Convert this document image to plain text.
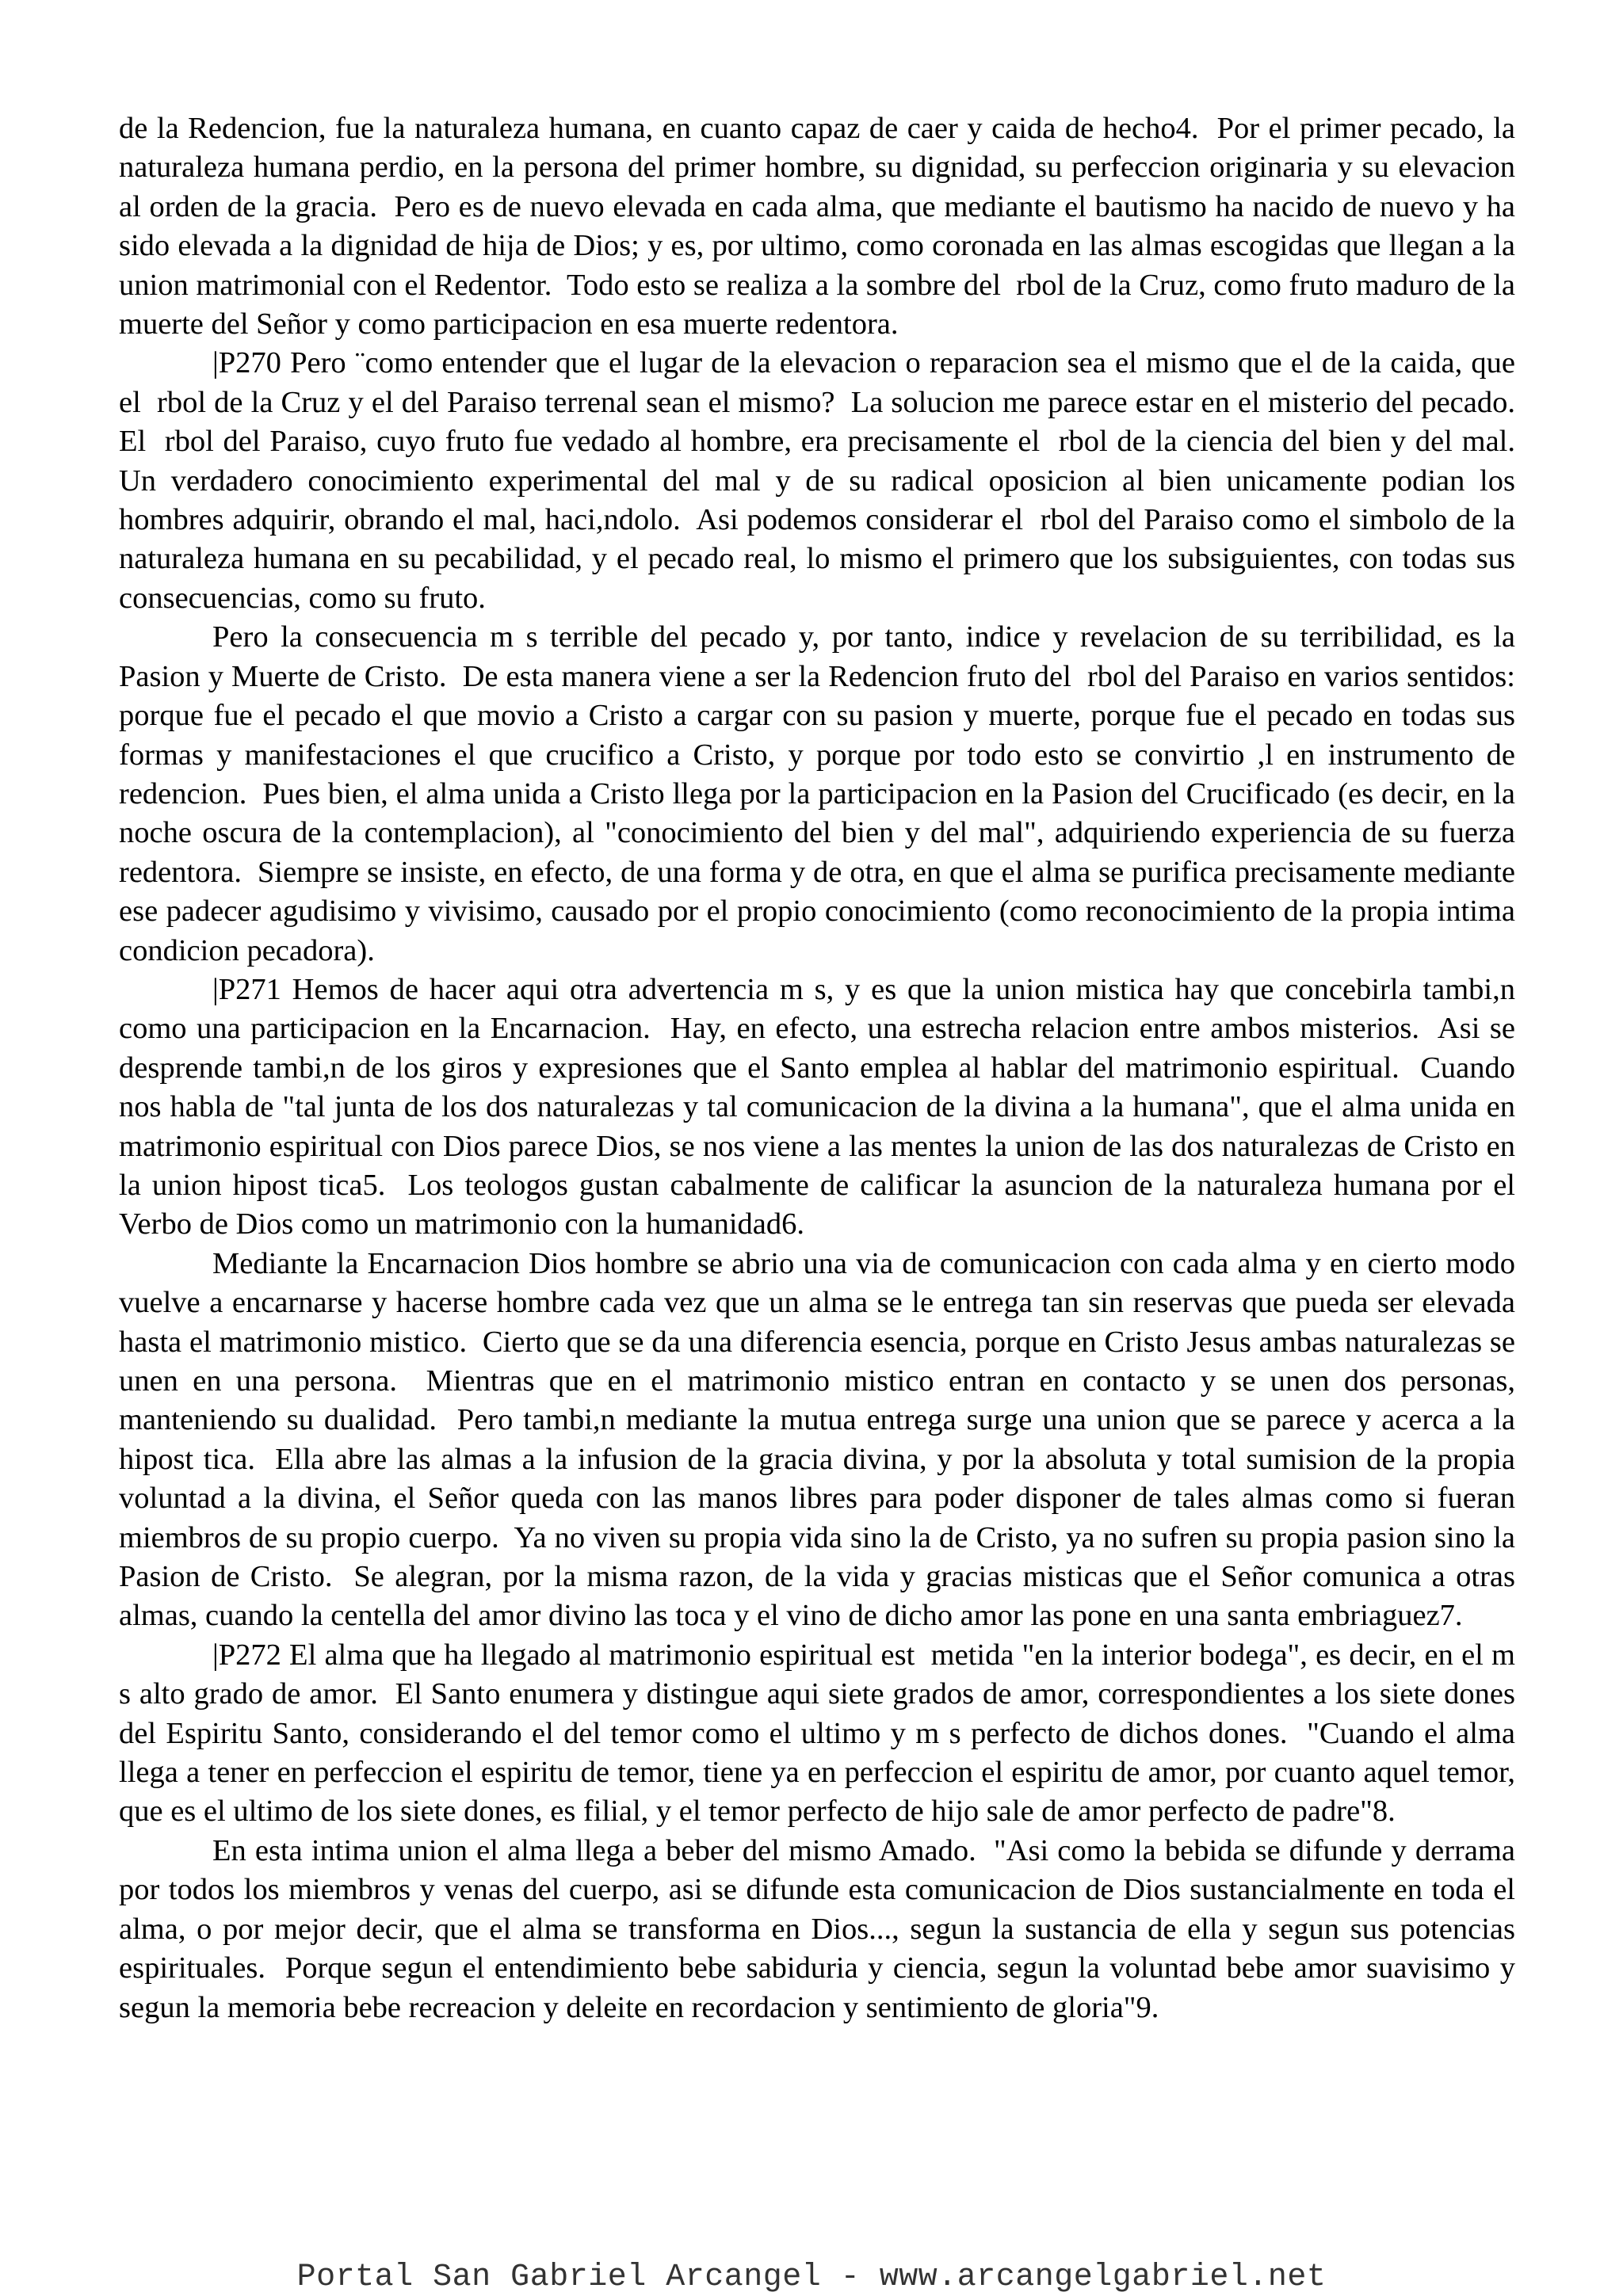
de la Redencion, fue la naturaleza humana, en cuanto capaz de caer y caida de hecho4.  Por el primer pecado, la naturaleza humana perdio, en la persona del primer hombre, su dignidad, su perfeccion originaria y su elevacion al orden de la gracia.  Pero es de nuevo elevada en cada alma, que mediante el bautismo ha nacido de nuevo y ha sido elevada a la dignidad de hija de Dios; y es, por ultimo, como coronada en las almas escogidas que llegan a la union matrimonial con el Redentor.  Todo esto se realiza a la sombre del  rbol de la Cruz, como fruto maduro de la muerte del Señor y como participacion en esa muerte redentora.

|P270 Pero ¨como entender que el lugar de la elevacion o reparacion sea el mismo que el de la caida, que el  rbol de la Cruz y el del Paraiso terrenal sean el mismo?  La solucion me parece estar en el misterio del pecado.  El  rbol del Paraiso, cuyo fruto fue vedado al hombre, era precisamente el  rbol de la ciencia del bien y del mal.  Un verdadero conocimiento experimental del mal y de su radical oposicion al bien unicamente podian los hombres adquirir, obrando el mal, haci,ndolo.  Asi podemos considerar el  rbol del Paraiso como el simbolo de la naturaleza humana en su pecabilidad, y el pecado real, lo mismo el primero que los subsiguientes, con todas sus consecuencias, como su fruto.

Pero la consecuencia m s terrible del pecado y, por tanto, indice y revelacion de su terribilidad, es la Pasion y Muerte de Cristo.  De esta manera viene a ser la Redencion fruto del  rbol del Paraiso en varios sentidos: porque fue el pecado el que movio a Cristo a cargar con su pasion y muerte, porque fue el pecado en todas sus formas y manifestaciones el que crucifico a Cristo, y porque por todo esto se convirtio ,l en instrumento de redencion.  Pues bien, el alma unida a Cristo llega por la participacion en la Pasion del Crucificado (es decir, en la noche oscura de la contemplacion), al "conocimiento del bien y del mal", adquiriendo experiencia de su fuerza redentora.  Siempre se insiste, en efecto, de una forma y de otra, en que el alma se purifica precisamente mediante ese padecer agudisimo y vivisimo, causado por el propio conocimiento (como reconocimiento de la propia intima condicion pecadora).

|P271 Hemos de hacer aqui otra advertencia m s, y es que la union mistica hay que concebirla tambi,n como una participacion en la Encarnacion.  Hay, en efecto, una estrecha relacion entre ambos misterios.  Asi se desprende tambi,n de los giros y expresiones que el Santo emplea al hablar del matrimonio espiritual.  Cuando nos habla de "tal junta de los dos naturalezas y tal comunicacion de la divina a la humana", que el alma unida en matrimonio espiritual con Dios parece Dios, se nos viene a las mentes la union de las dos naturalezas de Cristo en la union hipost tica5.  Los teologos gustan cabalmente de calificar la asuncion de la naturaleza humana por el Verbo de Dios como un matrimonio con la humanidad6.

Mediante la Encarnacion Dios hombre se abrio una via de comunicacion con cada alma y en cierto modo vuelve a encarnarse y hacerse hombre cada vez que un alma se le entrega tan sin reservas que pueda ser elevada hasta el matrimonio mistico.  Cierto que se da una diferencia esencia, porque en Cristo Jesus ambas naturalezas se unen en una persona.  Mientras que en el matrimonio mistico entran en contacto y se unen dos personas, manteniendo su dualidad.  Pero tambi,n mediante la mutua entrega surge una union que se parece y acerca a la hipost tica.  Ella abre las almas a la infusion de la gracia divina, y por la absoluta y total sumision de la propia voluntad a la divina, el Señor queda con las manos libres para poder disponer de tales almas como si fueran miembros de su propio cuerpo.  Ya no viven su propia vida sino la de Cristo, ya no sufren su propia pasion sino la Pasion de Cristo.  Se alegran, por la misma razon, de la vida y gracias misticas que el Señor comunica a otras almas, cuando la centella del amor divino las toca y el vino de dicho amor las pone en una santa embriaguez7.

|P272 El alma que ha llegado al matrimonio espiritual est  metida "en la interior bodega", es decir, en el m s alto grado de amor.  El Santo enumera y distingue aqui siete grados de amor, correspondientes a los siete dones del Espiritu Santo, considerando el del temor como el ultimo y m s perfecto de dichos dones.  "Cuando el alma llega a tener en perfeccion el espiritu de temor, tiene ya en perfeccion el espiritu de amor, por cuanto aquel temor, que es el ultimo de los siete dones, es filial, y el temor perfecto de hijo sale de amor perfecto de padre"8.

En esta intima union el alma llega a beber del mismo Amado.  "Asi como la bebida se difunde y derrama por todos los miembros y venas del cuerpo, asi se difunde esta comunicacion de Dios sustancialmente en toda el alma, o por mejor decir, que el alma se transforma en Dios..., segun la sustancia de ella y segun sus potencias espirituales.  Porque segun el entendimiento bebe sabiduria y ciencia, segun la voluntad bebe amor suavisimo y segun la memoria bebe recreacion y deleite en recordacion y sentimiento de gloria"9.

Portal San Gabriel Arcangel - www.arcangelgabriel.net
